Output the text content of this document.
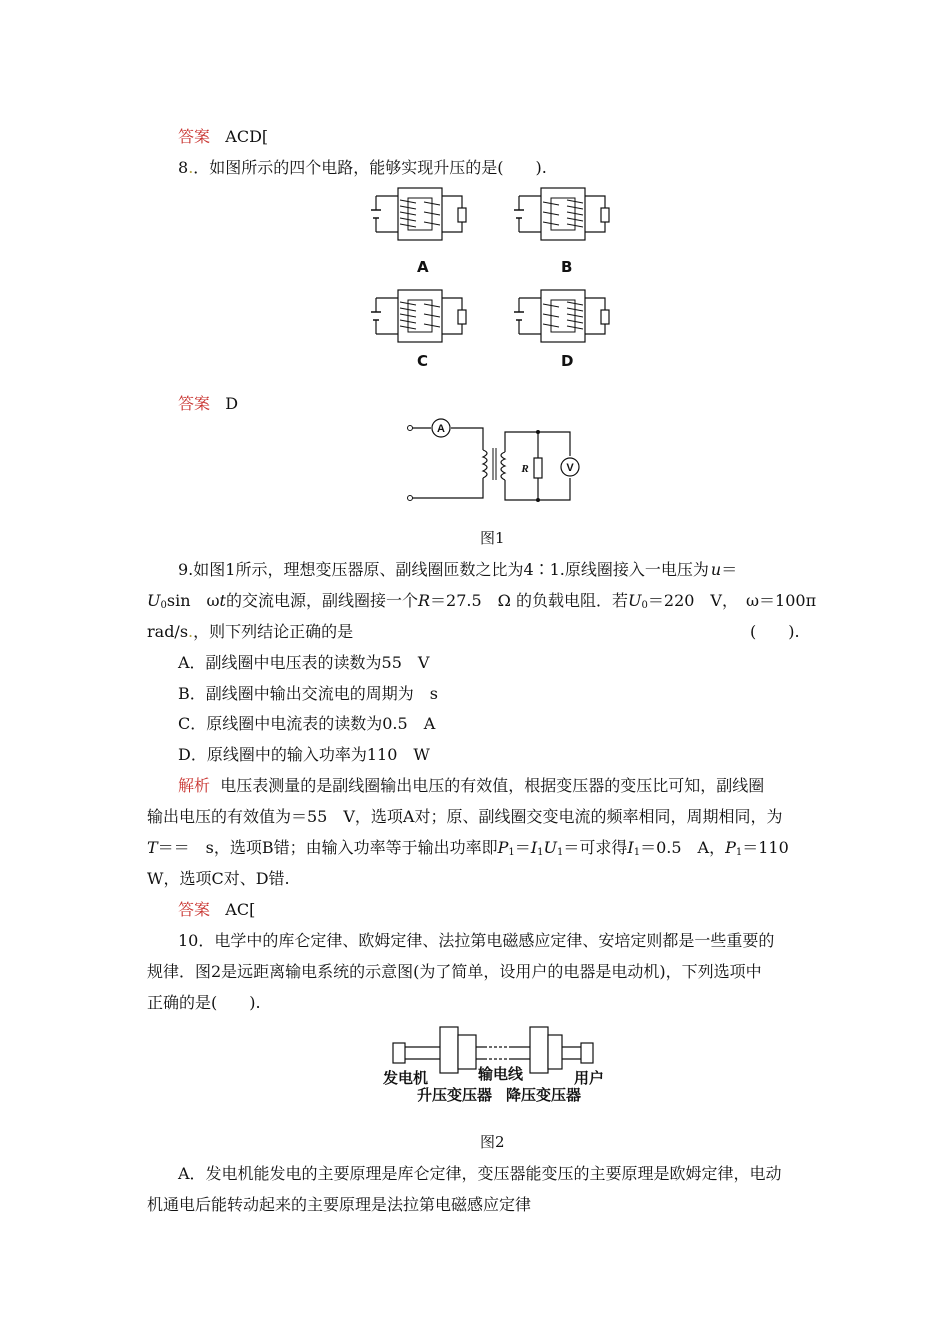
答案 ACD[
8.．如图所示的四个电路，能够实现升压的是(　　).
A	B
C	D
答案 D
A
R	V
图1
9.如图1所示，理想变压器原、副线圈匝数之比为4∶1.原线圈接入一电压为 u＝
$U_0\sin$　ωt的交流电源，副线圈接一个R＝27.5　Ω 的负载电阻．若$U_0=220$　V，　ω＝100π
rad/s.，则下列结论正确的是	(　　).
A．副线圈中电压表的读数为55　V
B．副线圈中输出交流电的周期为　s
C．原线圈中电流表的读数为0.5　A
D．原线圈中的输入功率为110　W
解析 电压表测量的是副线圈输出电压的有效值，根据变压器的变压比可知，副线圈
输出电压的有效值为＝55　V，选项A对；原、副线圈交变电流的频率相同，周期相同，为
T＝＝　s，选项B错；由输入功率等于输出功率即$P_1=I_1U_1=$可求得$I_1=0.5$　A，$P_1=110$
W，选项C对、D错.
答案 AC[
10．电学中的库仑定律、欧姆定律、法拉第电磁感应定律、安培定则都是一些重要的
规律．图2是远距离输电系统的示意图(为了简单，设用户的电器是电动机)，下列选项中
正确的是(　　).
发电机	输电线	用户
升压变压器 降压变压器
图2
A．发电机能发电的主要原理是库仑定律，变压器能变压的主要原理是欧姆定律，电动
机通电后能转动起来的主要原理是法拉第电磁感应定律
